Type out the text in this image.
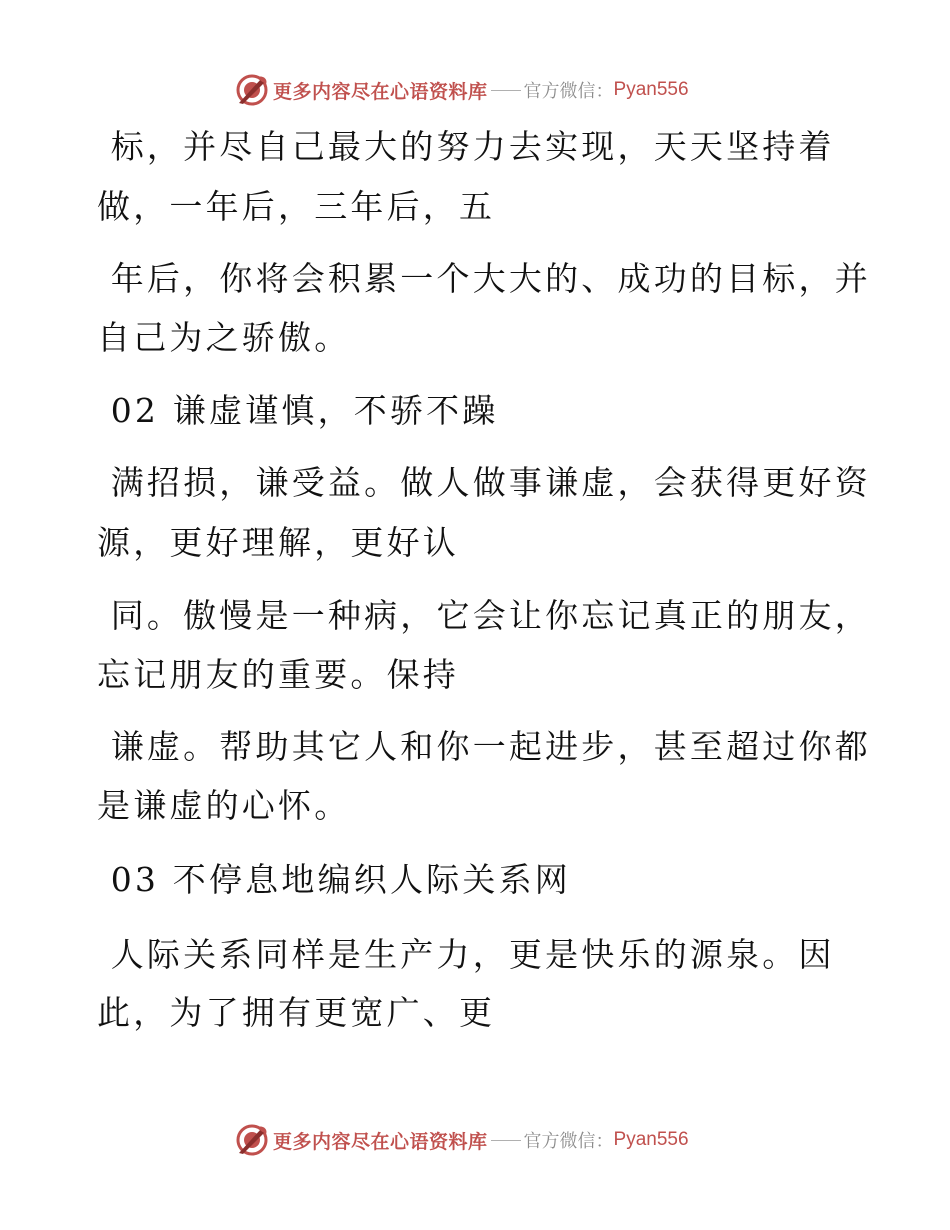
更多内容尽在心语资料库 官方微信： Pyan556
标，并尽自己最大的努力去实现，天天坚持着
做，一年后，三年后，五
年后，你将会积累一个大大的、成功的目标，并
自己为之骄傲。
02 谦虚谨慎，不骄不躁
满招损，谦受益。做人做事谦虚，会获得更好资
源，更好理解，更好认
同。傲慢是一种病，它会让你忘记真正的朋友，
忘记朋友的重要。保持
谦虚。帮助其它人和你一起进步，甚至超过你都
是谦虚的心怀。
03 不停息地编织人际关系网
人际关系同样是生产力，更是快乐的源泉。因
此，为了拥有更宽广、更
更多内容尽在心语资料库 官方微信： Pyan556
